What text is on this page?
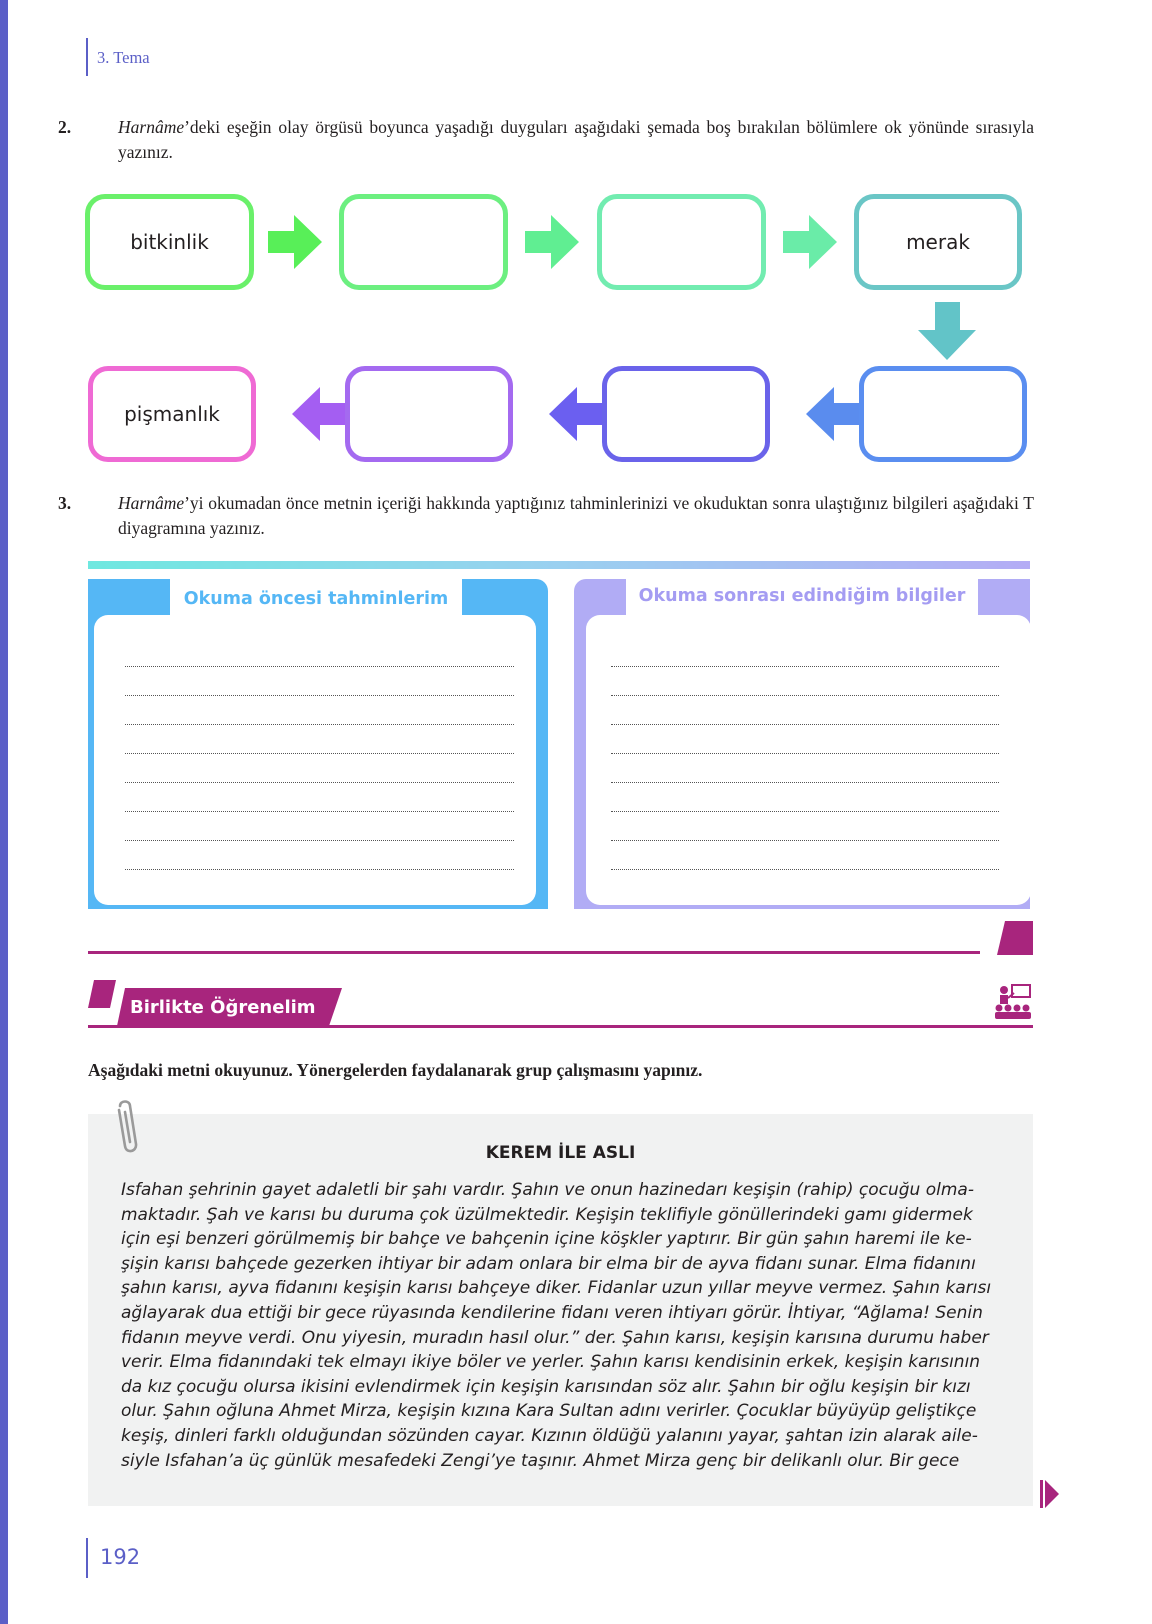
3. Tema
2.	Harnâme’deki eşeğin olay örgüsü boyunca yaşadığı duyguları aşağıdaki şemada boş bırakılan bölümlere ok yönünde sırasıyla yazınız.
bitkinlik	merak
pişmanlık
3.	Harnâme’yi okumadan önce metnin içeriği hakkında yaptığınız tahminlerinizi ve okuduktan sonra ulaştığınız bilgileri aşağıdaki T diyagramına yazınız.
Okuma öncesi tahminlerim	Okuma sonrası edindiğim bilgiler
Birlikte Öğrenelim
Aşağıdaki metni okuyunuz. Yönergelerden faydalanarak grup çalışmasını yapınız.
KEREM İLE ASLI
Isfahan şehrinin gayet adaletli bir şahı vardır. Şahın ve onun hazinedarı keşişin (rahip) çocuğu olma-
maktadır. Şah ve karısı bu duruma çok üzülmektedir. Keşişin teklifiyle gönüllerindeki gamı gidermek
için eşi benzeri görülmemiş bir bahçe ve bahçenin içine köşkler yaptırır. Bir gün şahın haremi ile ke-
şişin karısı bahçede gezerken ihtiyar bir adam onlara bir elma bir de ayva fidanı sunar. Elma fidanını
şahın karısı, ayva fidanını keşişin karısı bahçeye diker. Fidanlar uzun yıllar meyve vermez. Şahın karısı
ağlayarak dua ettiği bir gece rüyasında kendilerine fidanı veren ihtiyarı görür. İhtiyar, “Ağlama! Senin
fidanın meyve verdi. Onu yiyesin, muradın hasıl olur.” der. Şahın karısı, keşişin karısına durumu haber
verir. Elma fidanındaki tek elmayı ikiye böler ve yerler. Şahın karısı kendisinin erkek, keşişin karısının
da kız çocuğu olursa ikisini evlendirmek için keşişin karısından söz alır. Şahın bir oğlu keşişin bir kızı
olur. Şahın oğluna Ahmet Mirza, keşişin kızına Kara Sultan adını verirler. Çocuklar büyüyüp geliştikçe
keşiş, dinleri farklı olduğundan sözünden cayar. Kızının öldüğü yalanını yayar, şahtan izin alarak aile-
siyle Isfahan’a üç günlük mesafedeki Zengi’ye taşınır. Ahmet Mirza genç bir delikanlı olur. Bir gece
192
